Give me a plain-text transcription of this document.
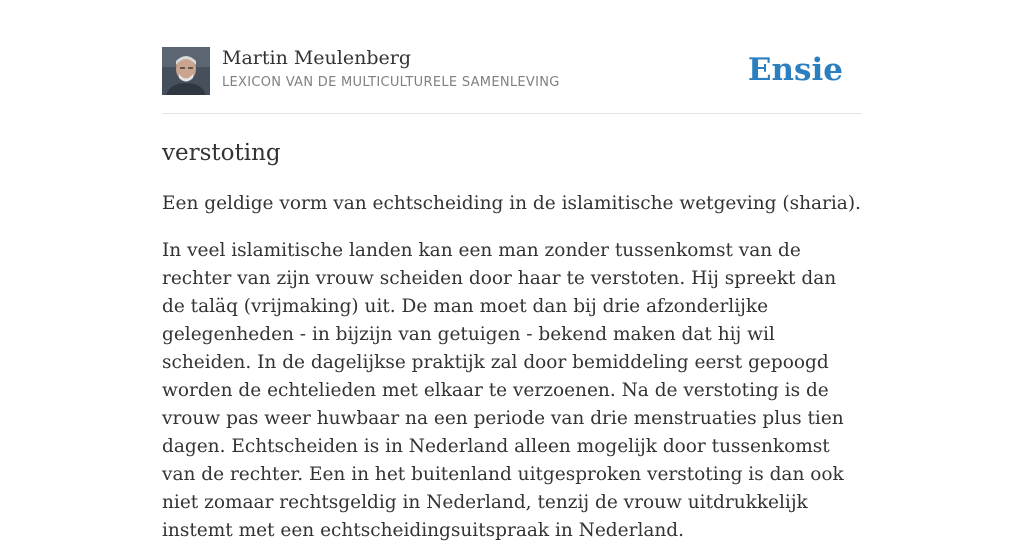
Martin Meulenberg
LEXICON VAN DE MULTICULTURELE SAMENLEVING	Ensie
verstoting

Een geldige vorm van echtscheiding in de islamitische wetgeving (sharia).

In veel islamitische landen kan een man zonder tussenkomst van de rechter van zijn vrouw scheiden door haar te verstoten. Hij spreekt dan de taläq (vrijmaking) uit. De man moet dan bij drie afzonderlijke gelegenheden - in bijzijn van getuigen - bekend maken dat hij wil scheiden. In de dagelijkse praktijk zal door bemiddeling eerst gepoogd worden de echtelieden met elkaar te verzoenen. Na de verstoting is de vrouw pas weer huwbaar na een periode van drie menstruaties plus tien dagen. Echtscheiden is in Nederland alleen mogelijk door tussenkomst van de rechter. Een in het buitenland uitgesproken verstoting is dan ook niet zomaar rechtsgeldig in Nederland, tenzij de vrouw uitdrukkelijk instemt met een echtscheidingsuitspraak in Nederland.
